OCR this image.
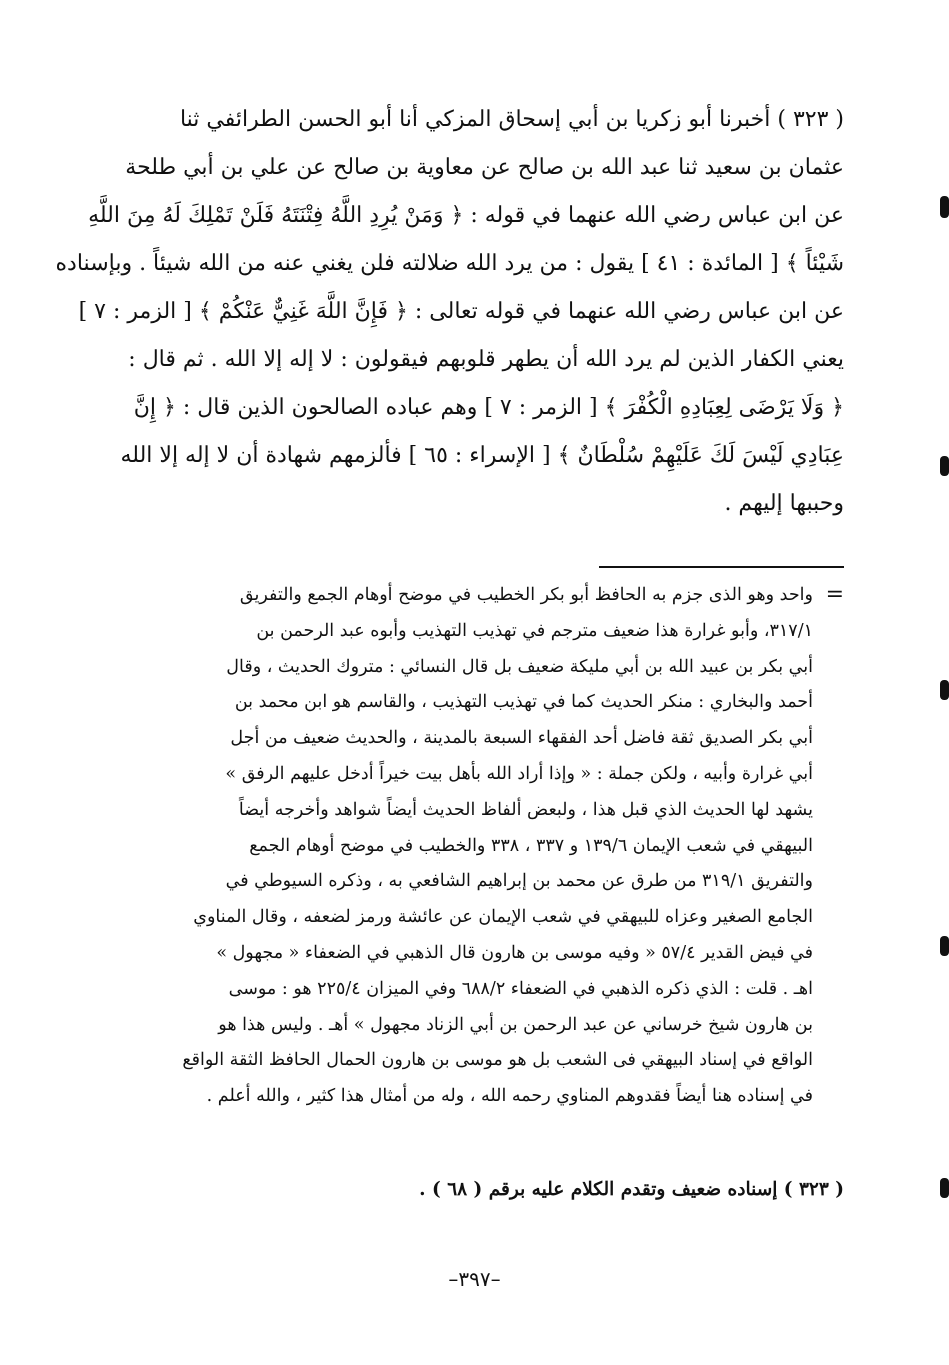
( ٣٢٣ ) أخبرنا أبو زكريا بن أبي إسحاق المزكي أنا أبو الحسن الطرائفي ثنا
عثمان بن سعيد ثنا عبد الله بن صالح عن معاوية بن صالح عن علي بن أبي طلحة
عن ابن عباس رضي الله عنهما في قوله : ﴿ وَمَنْ يُرِدِ اللَّهُ فِتْنَتَهُ فَلَنْ تَمْلِكَ لَهُ مِنَ اللَّهِ
شَيْئاً ﴾ [ المائدة : ٤١ ] يقول : من يرد الله ضلالته فلن يغني عنه من الله شيئاً . وبإسناده
عن ابن عباس رضي الله عنهما في قوله تعالى : ﴿ فَإِنَّ اللَّهَ غَنِيٌّ عَنْكُمْ ﴾ [ الزمر : ٧ ]
يعني الكفار الذين لم يرد الله أن يطهر قلوبهم فيقولون : لا إله إلا الله . ثم قال :
﴿ وَلَا يَرْضَى لِعِبَادِهِ الْكُفْرَ ﴾ [ الزمر : ٧ ] وهم عباده الصالحون الذين قال : ﴿ إِنَّ
عِبَادِي لَيْسَ لَكَ عَلَيْهِمْ سُلْطَانٌ ﴾ [ الإسراء : ٦٥ ] فألزمهم شهادة أن لا إله إلا الله
وحببها إليهم .
=
واحد وهو الذى جزم به الحافظ أبو بكر الخطيب في موضح أوهام الجمع والتفريق
٣١٧/١، وأبو غرارة هذا ضعيف مترجم في تهذيب التهذيب وأبوه عبد الرحمن بن
أبي بكر بن عبيد الله بن أبي مليكة ضعيف بل قال النسائي : متروك الحديث ، وقال
أحمد والبخاري : منكر الحديث كما في تهذيب التهذيب ، والقاسم هو ابن محمد بن
أبي بكر الصديق ثقة فاضل أحد الفقهاء السبعة بالمدينة ، والحديث ضعيف من أجل
أبي غرارة وأبيه ، ولكن جملة : « وإذا أراد الله بأهل بيت خيراً أدخل عليهم الرفق »
يشهد لها الحديث الذي قبل هذا ، ولبعض ألفاظ الحديث أيضاً شواهد وأخرجه أيضاً
البيهقي في شعب الإيمان ١٣٩/٦ و ٣٣٧ ، ٣٣٨ والخطيب في موضح أوهام الجمع
والتفريق ٣١٩/١ من طرق عن محمد بن إبراهيم الشافعي به ، وذكره السيوطي في
الجامع الصغير وعزاه للبيهقي في شعب الإيمان عن عائشة ورمز لضعفه ، وقال المناوي
في فيض القدير ٥٧/٤ « وفيه موسى بن هارون قال الذهبي في الضعفاء « مجهول »
اهـ . قلت : الذي ذكره الذهبي في الضعفاء ٦٨٨/٢ وفي الميزان ٢٢٥/٤ هو : موسى
بن هارون شيخ خرساني عن عبد الرحمن بن أبي الزناد مجهول » أهـ . وليس هذا هو
الواقع في إسناد البيهقي فى الشعب بل هو موسى بن هارون الحمال الحافظ الثقة الواقع
في إسناده هنا أيضاً فقدوهم المناوي رحمه الله ، وله من أمثال هذا كثير ، والله أعلم .
( ٣٢٣ ) إسناده ضعيف وتقدم الكلام عليه برقم ( ٦٨ ) .
–٣٩٧–
